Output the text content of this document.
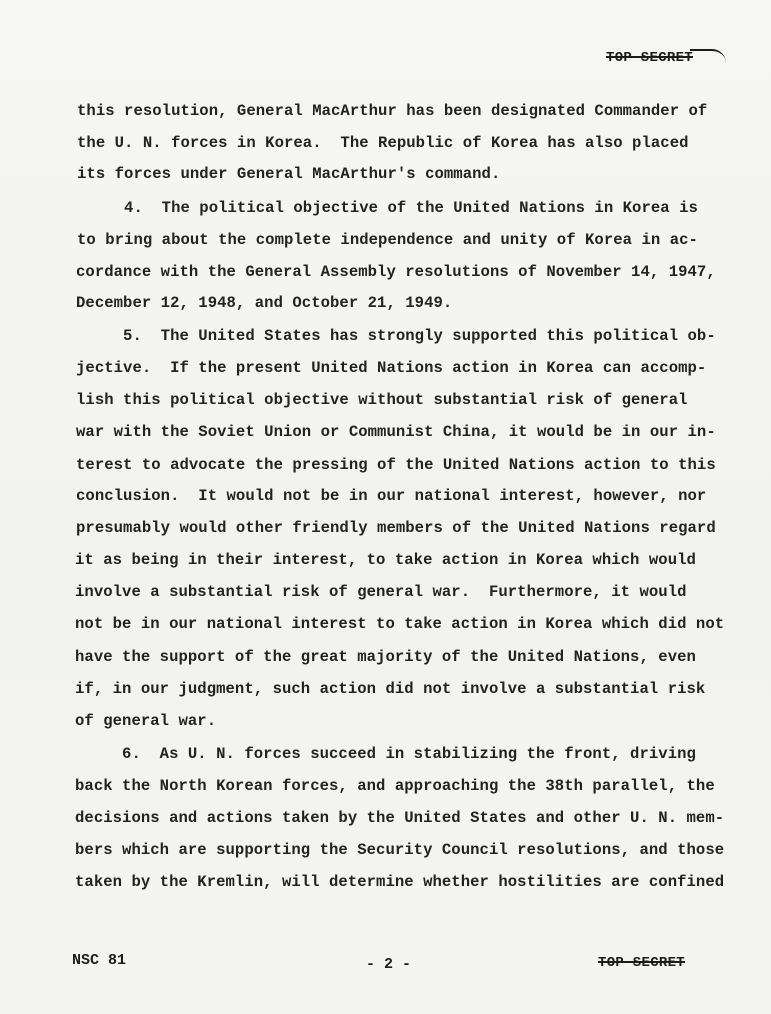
TOP SECRET
this resolution, General MacArthur has been designated Commander of
the U. N. forces in Korea.  The Republic of Korea has also placed
its forces under General MacArthur's command.
4.  The political objective of the United Nations in Korea is
to bring about the complete independence and unity of Korea in ac-
cordance with the General Assembly resolutions of November 14, 1947,
December 12, 1948, and October 21, 1949.
5.  The United States has strongly supported this political ob-
jective.  If the present United Nations action in Korea can accomp-
lish this political objective without substantial risk of general
war with the Soviet Union or Communist China, it would be in our in-
terest to advocate the pressing of the United Nations action to this
conclusion.  It would not be in our national interest, however, nor
presumably would other friendly members of the United Nations regard
it as being in their interest, to take action in Korea which would
involve a substantial risk of general war.  Furthermore, it would
not be in our national interest to take action in Korea which did not
have the support of the great majority of the United Nations, even
if, in our judgment, such action did not involve a substantial risk
of general war.
6.  As U. N. forces succeed in stabilizing the front, driving
back the North Korean forces, and approaching the 38th parallel, the
decisions and actions taken by the United States and other U. N. mem-
bers which are supporting the Security Council resolutions, and those
taken by the Kremlin, will determine whether hostilities are confined
NSC 81	- 2 -	TOP SECRET
